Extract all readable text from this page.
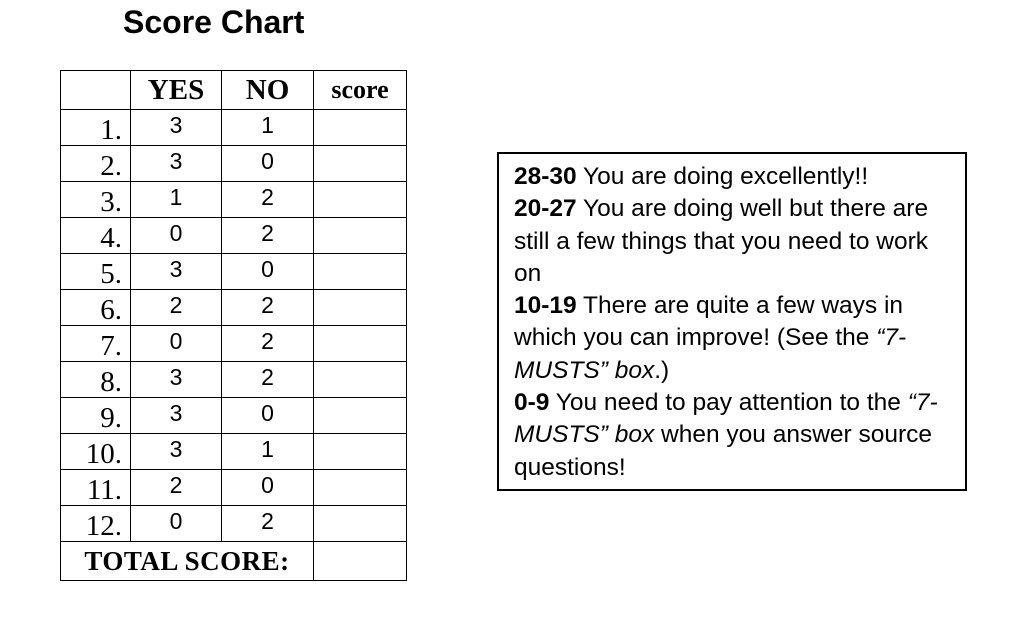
Score Chart
	YES	NO	score
1.	3	1	
2.	3	0	
3.	1	2	
4.	0	2	
5.	3	0	
6.	2	2	
7.	0	2	
8.	3	2	
9.	3	0	
10.	3	1	
11.	2	0	
12.	0	2	
TOTAL SCORE:			

28-30 You are doing excellently!!

20-27 You are doing well but there are still a few things that you need to work on

10-19 There are quite a few ways in which you can improve! (See the “7-MUSTS” box.)

0-9 You need to pay attention to the “7-MUSTS” box when you answer source questions!
